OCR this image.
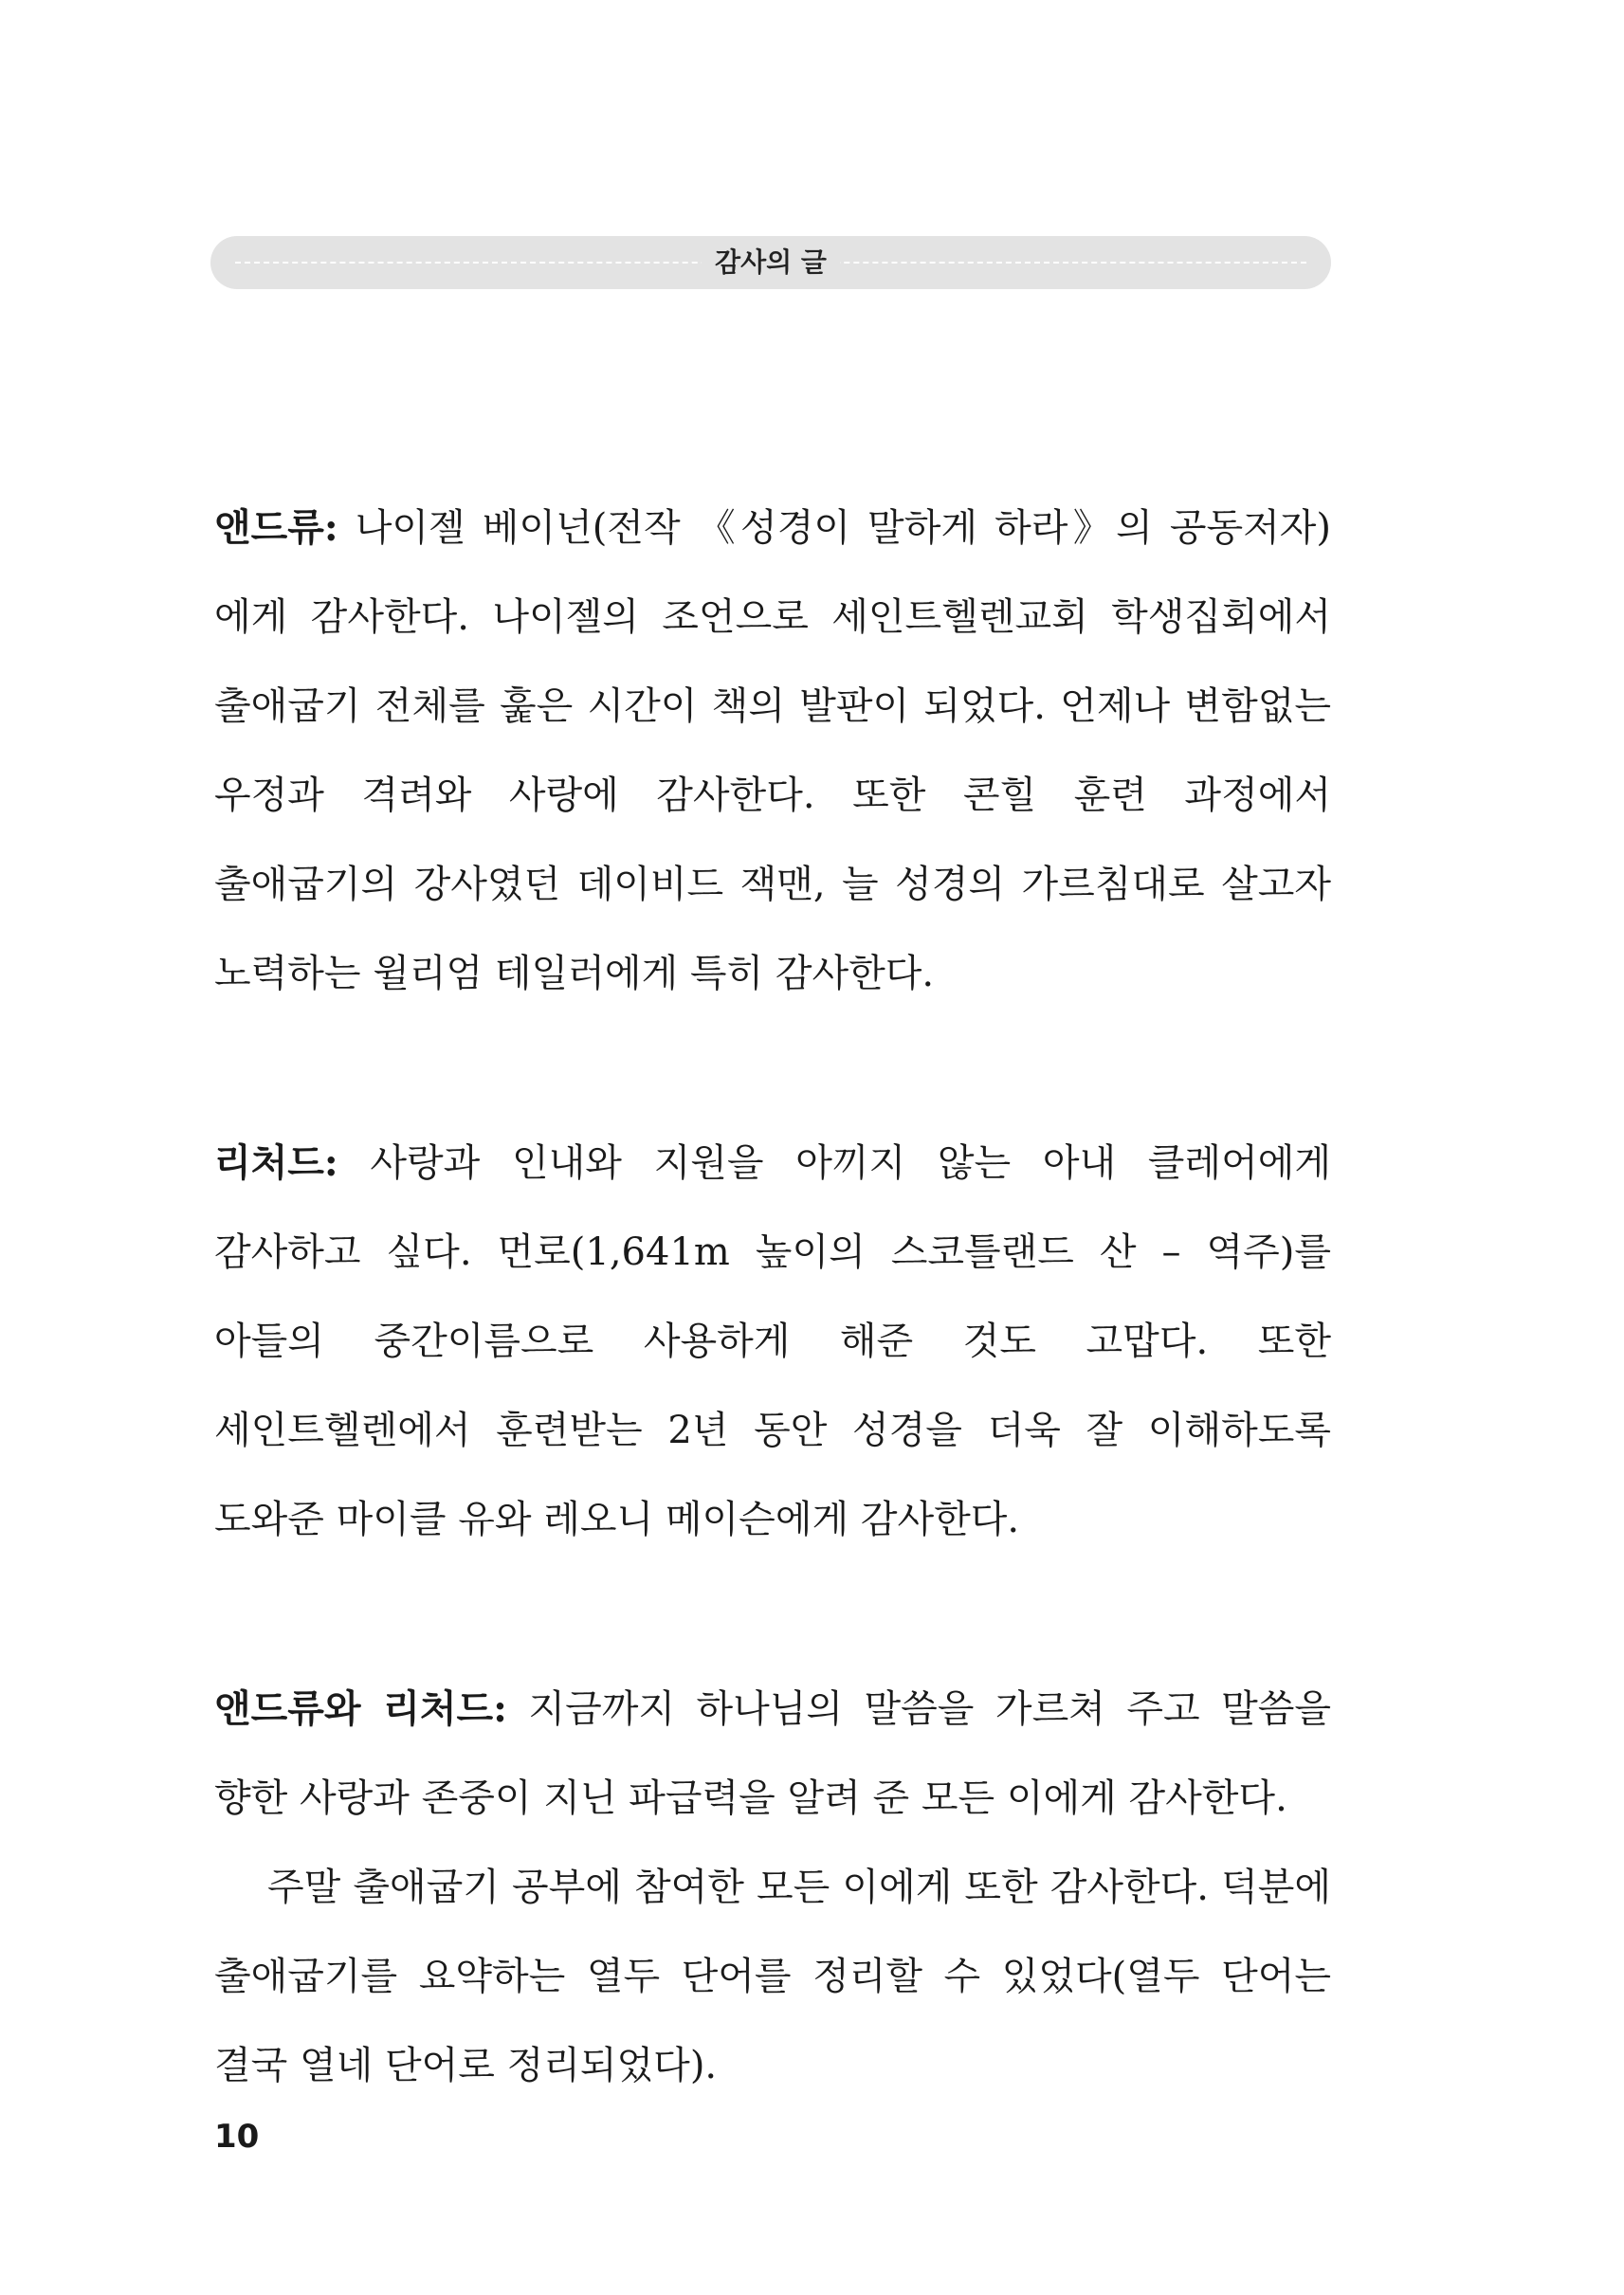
감사의 글

앤드류: 나이젤 베이넌(전작 《성경이 말하게 하라》의 공동저자)에게 감사한다. 나이젤의 조언으로 세인트헬렌교회 학생집회에서 출애굽기 전체를 훑은 시간이 책의 발판이 되었다. 언제나 변함없는 우정과 격려와 사랑에 감사한다. 또한 콘힐 훈련 과정에서 출애굽기의 강사였던 데이비드 잭맨, 늘 성경의 가르침대로 살고자 노력하는 윌리엄 테일러에게 특히 감사한다.

리처드: 사랑과 인내와 지원을 아끼지 않는 아내 클레어에게 감사하고 싶다. 먼로(1,641m 높이의 스코틀랜드 산 – 역주)를 아들의 중간이름으로 사용하게 해준 것도 고맙다. 또한 세인트헬렌에서 훈련받는 2년 동안 성경을 더욱 잘 이해하도록 도와준 마이클 유와 레오니 메이슨에게 감사한다.

앤드류와 리처드: 지금까지 하나님의 말씀을 가르쳐 주고 말씀을 향한 사랑과 존중이 지닌 파급력을 알려 준 모든 이에게 감사한다.

주말 출애굽기 공부에 참여한 모든 이에게 또한 감사한다. 덕분에 출애굽기를 요약하는 열두 단어를 정리할 수 있었다(열두 단어는 결국 열네 단어로 정리되었다).

10
